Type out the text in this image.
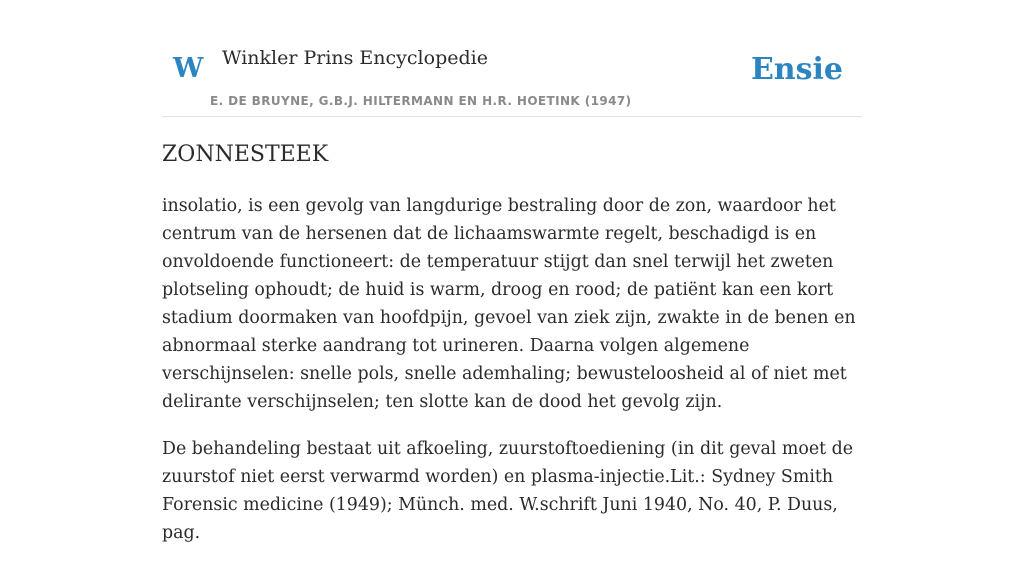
W Winkler Prins Encyclopedie
E. DE BRUYNE, G.B.J. HILTERMANN EN H.R. HOETINK (1947)
Ensie
ZONNESTEEK

insolatio, is een gevolg van langdurige bestraling door de zon, waardoor het centrum van de hersenen dat de lichaamswarmte regelt, beschadigd is en onvoldoende functioneert: de temperatuur stijgt dan snel terwijl het zweten plotseling ophoudt; de huid is warm, droog en rood; de patiënt kan een kort stadium doormaken van hoofdpijn, gevoel van ziek zijn, zwakte in de benen en abnormaal sterke aandrang tot urineren. Daarna volgen algemene verschijnselen: snelle pols, snelle ademhaling; bewusteloosheid al of niet met delirante verschijnselen; ten slotte kan de dood het gevolg zijn.

De behandeling bestaat uit afkoeling, zuurstoftoediening (in dit geval moet de zuurstof niet eerst verwarmd worden) en plasma-injectie.Lit.: Sydney Smith Forensic medicine (1949); Münch. med. W.schrift Juni 1940, No. 40, P. Duus, pag.
